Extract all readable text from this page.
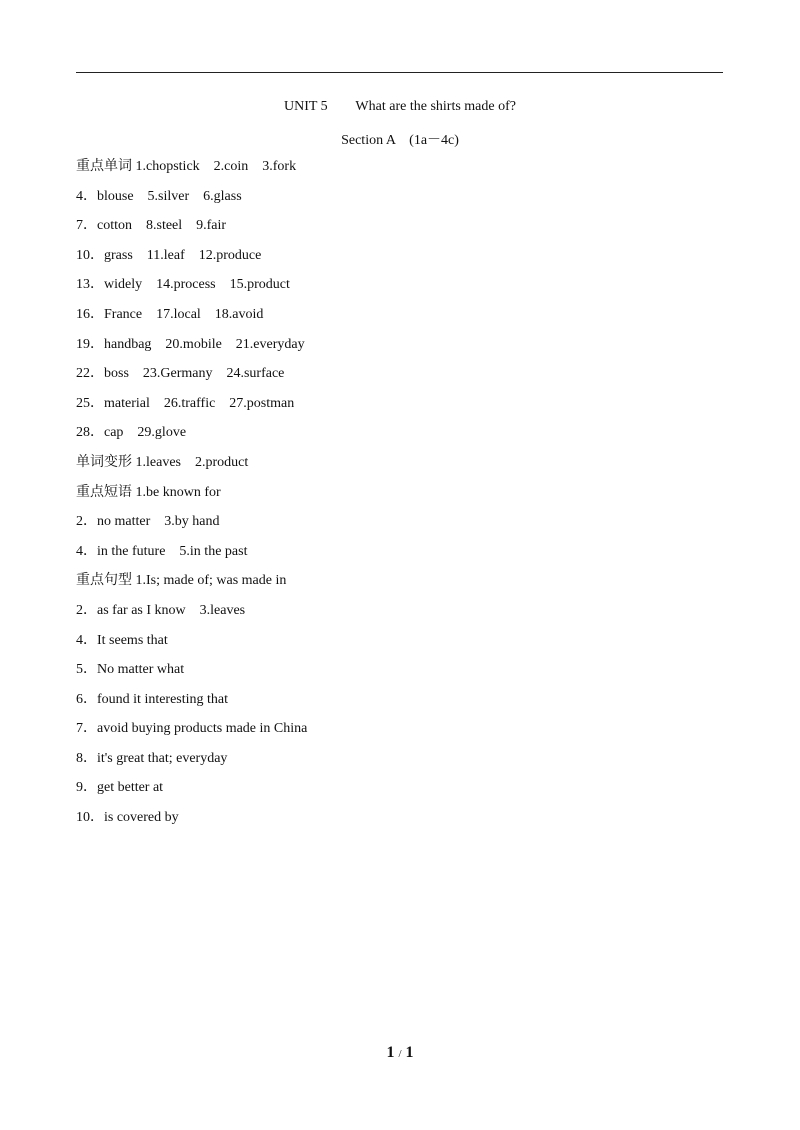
UNIT 5        What are the shirts made of?
Section A    (1a－4c)
重点单词 1.chopstick    2.coin    3.fork
4．blouse    5.silver    6.glass
7．cotton    8.steel    9.fair
10．grass    11.leaf    12.produce
13．widely    14.process    15.product
16．France    17.local    18.avoid
19．handbag    20.mobile    21.everyday
22．boss    23.Germany    24.surface
25．material    26.traffic    27.postman
28．cap    29.glove
单词变形 1.leaves    2.product
重点短语 1.be known for
2．no matter    3.by hand
4．in the future    5.in the past
重点句型 1.Is; made of; was made in
2．as far as I know    3.leaves
4．It seems that
5．No matter what
6．found it interesting that
7．avoid buying products made in China
8．it's great that; everyday
9．get better at
10．is covered by
1 / 1
